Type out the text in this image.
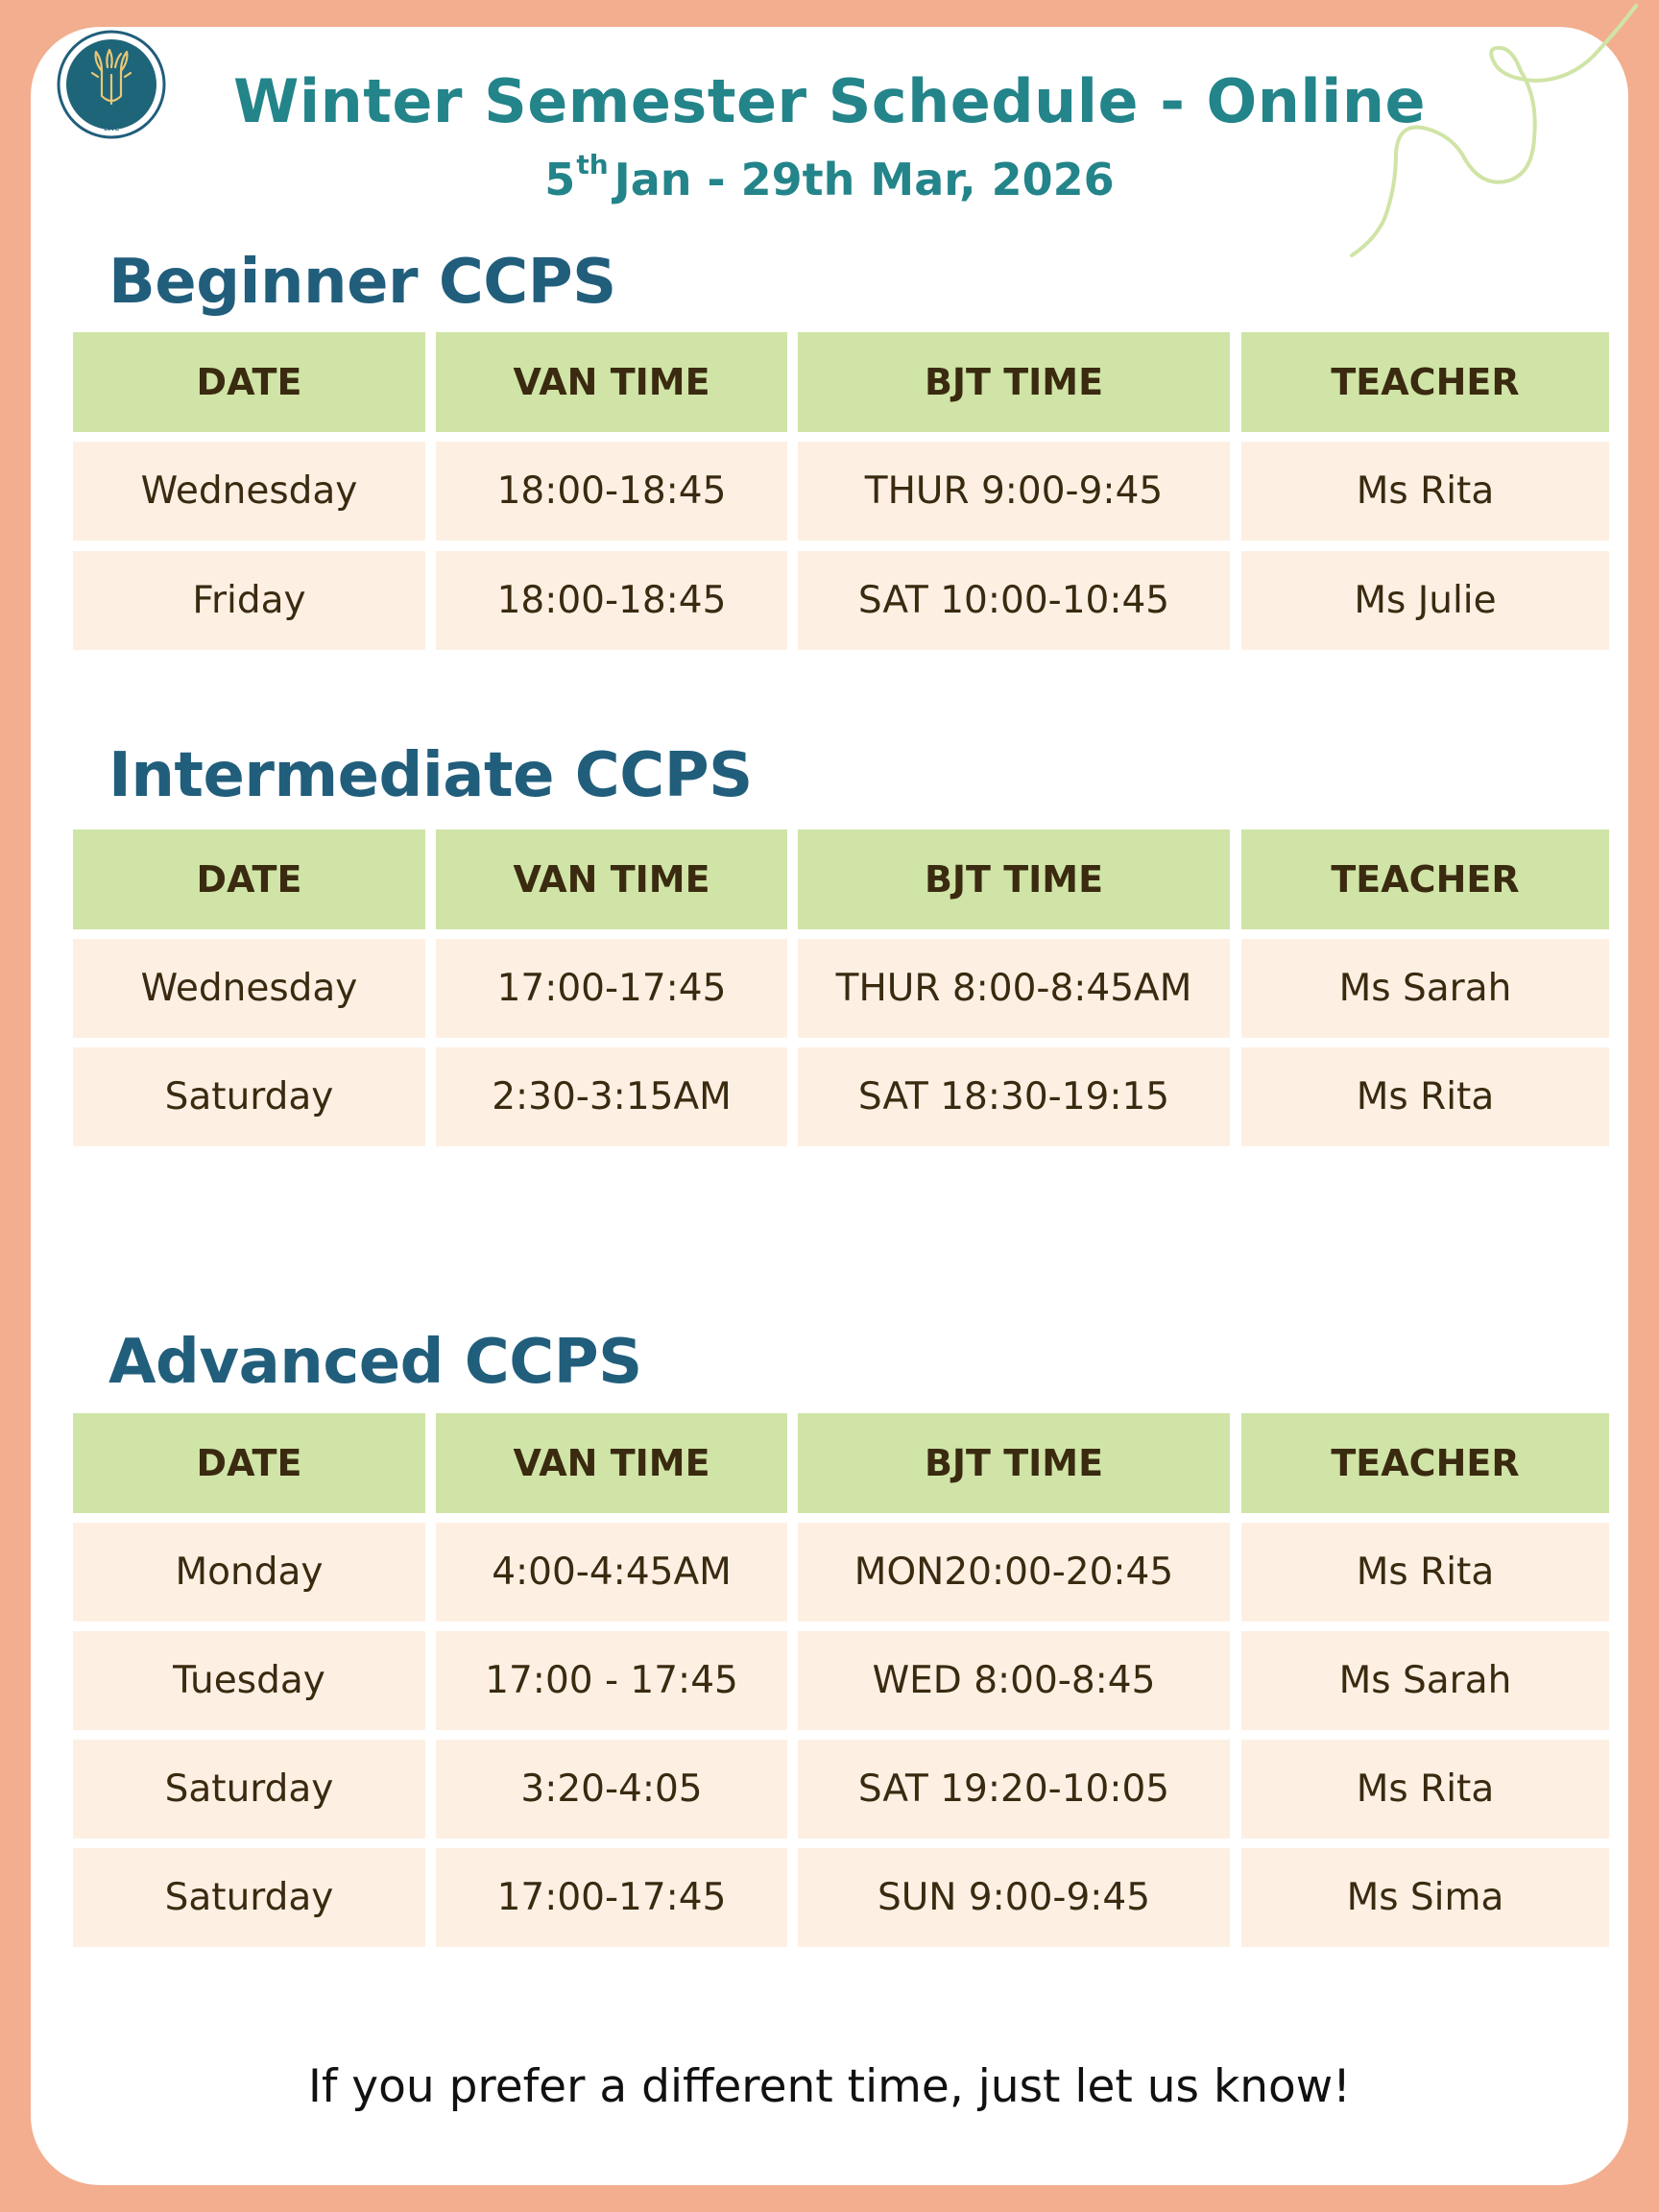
LWL	Winter Semester Schedule - Online
5th Jan - 29th Mar, 2026
Beginner CCPS
Intermediate CCPS
Advanced CCPS
DATE	VAN TIME	BJT TIME	TEACHER
Wednesday	18:00-18:45	THUR 9:00-9:45	Ms Rita
Friday	18:00-18:45	SAT 10:00-10:45	Ms Julie
DATE	VAN TIME	BJT TIME	TEACHER
Wednesday	17:00-17:45	THUR 8:00-8:45AM	Ms Sarah
Saturday	2:30-3:15AM	SAT 18:30-19:15	Ms Rita
DATE	VAN TIME	BJT TIME	TEACHER
Monday	4:00-4:45AM	MON20:00-20:45	Ms Rita
Tuesday	17:00 - 17:45	WED 8:00-8:45	Ms Sarah
Saturday	3:20-4:05	SAT 19:20-10:05	Ms Rita
Saturday	17:00-17:45	SUN 9:00-9:45	Ms Sima
If you prefer a different time, just let us know!
